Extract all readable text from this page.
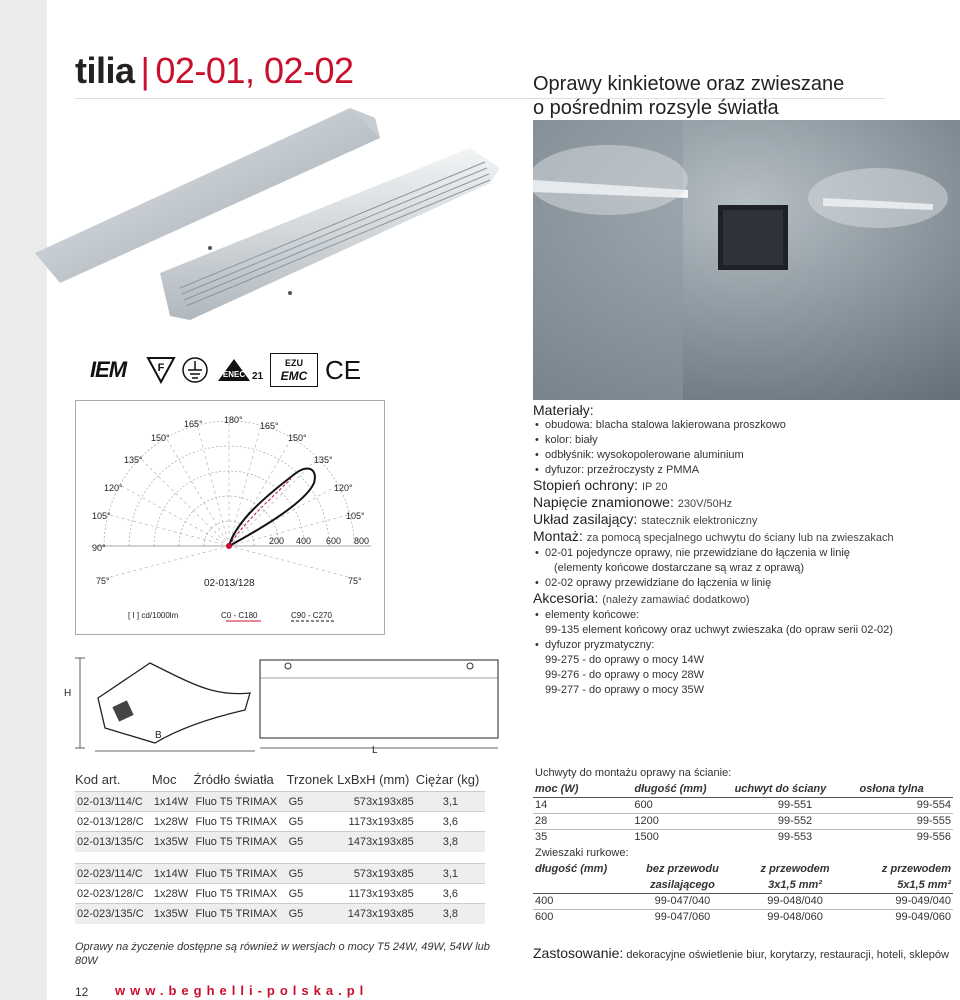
tilia | 02-01, 02-02	Oprawy kinkietowe oraz zwieszane
o pośrednim rozsyle światła
IEM	F
ENEC 21
EZU
EMC CE
180°
165°	165°
150°	150°
135°	135°
120°	120°
105°	105°
90°
75°	75°
200 400 600 800
02-013/128
[ I ] cd/1000lm	C0 - C180	C90 - C270
H
B
L
Kod art.	Moc	Źródło światła	Trzonek	LxBxH (mm)	Ciężar (kg)
02-013/114/C	1x14W	Fluo T5 TRIMAX	G5	573x193x85	3,1
02-013/128/C	1x28W	Fluo T5 TRIMAX	G5	1173x193x85	3,6
02-013/135/C	1x35W	Fluo T5 TRIMAX	G5	1473x193x85	3,8

02-023/114/C	1x14W	Fluo T5 TRIMAX	G5	573x193x85	3,1
02-023/128/C	1x28W	Fluo T5 TRIMAX	G5	1173x193x85	3,6
02-023/135/C	1x35W	Fluo T5 TRIMAX	G5	1473x193x85	3,8
Oprawy na życzenie dostępne są również w wersjach o mocy T5 24W, 49W, 54W lub 80W
12 www.beghelli-polska.pl
Materiały:
• obudowa: blacha stalowa lakierowana proszkowo
• kolor: biały
• odbłyśnik: wysokopolerowane aluminium
• dyfuzor: przeźroczysty z PMMA
Stopień ochrony: IP 20
Napięcie znamionowe: 230V/50Hz
Układ zasilający: statecznik elektroniczny
Montaż: za pomocą specjalnego uchwytu do ściany lub na zwieszakach
• 02-01 pojedyncze oprawy, nie przewidziane do łączenia w linię
(elementy końcowe dostarczane są wraz z oprawą)
• 02-02 oprawy przewidziane do łączenia w linię
Akcesoria: (należy zamawiać dodatkowo)
• elementy końcowe:
99-135 element końcowy oraz uchwyt zwieszaka (do opraw serii 02-02)
• dyfuzor pryzmatyczny:
99-275 - do oprawy o mocy 14W
99-276 - do oprawy o mocy 28W
99-277 - do oprawy o mocy 35W
Uchwyty do montażu oprawy na ścianie:			
moc (W)	długość (mm)	uchwyt do ściany	osłona tylna
14	600	99-551	99-554
28	1200	99-552	99-555
35	1500	99-553	99-556
Zwieszaki rurkowe:			
długość (mm)	bez przewodu	z przewodem	z przewodem
	zasilającego	3x1,5 mm²	5x1,5 mm²
400	99-047/040	99-048/040	99-049/040
600	99-047/060	99-048/060	99-049/060
Zastosowanie: dekoracyjne oświetlenie biur, korytarzy, restauracji, hoteli, sklepów
